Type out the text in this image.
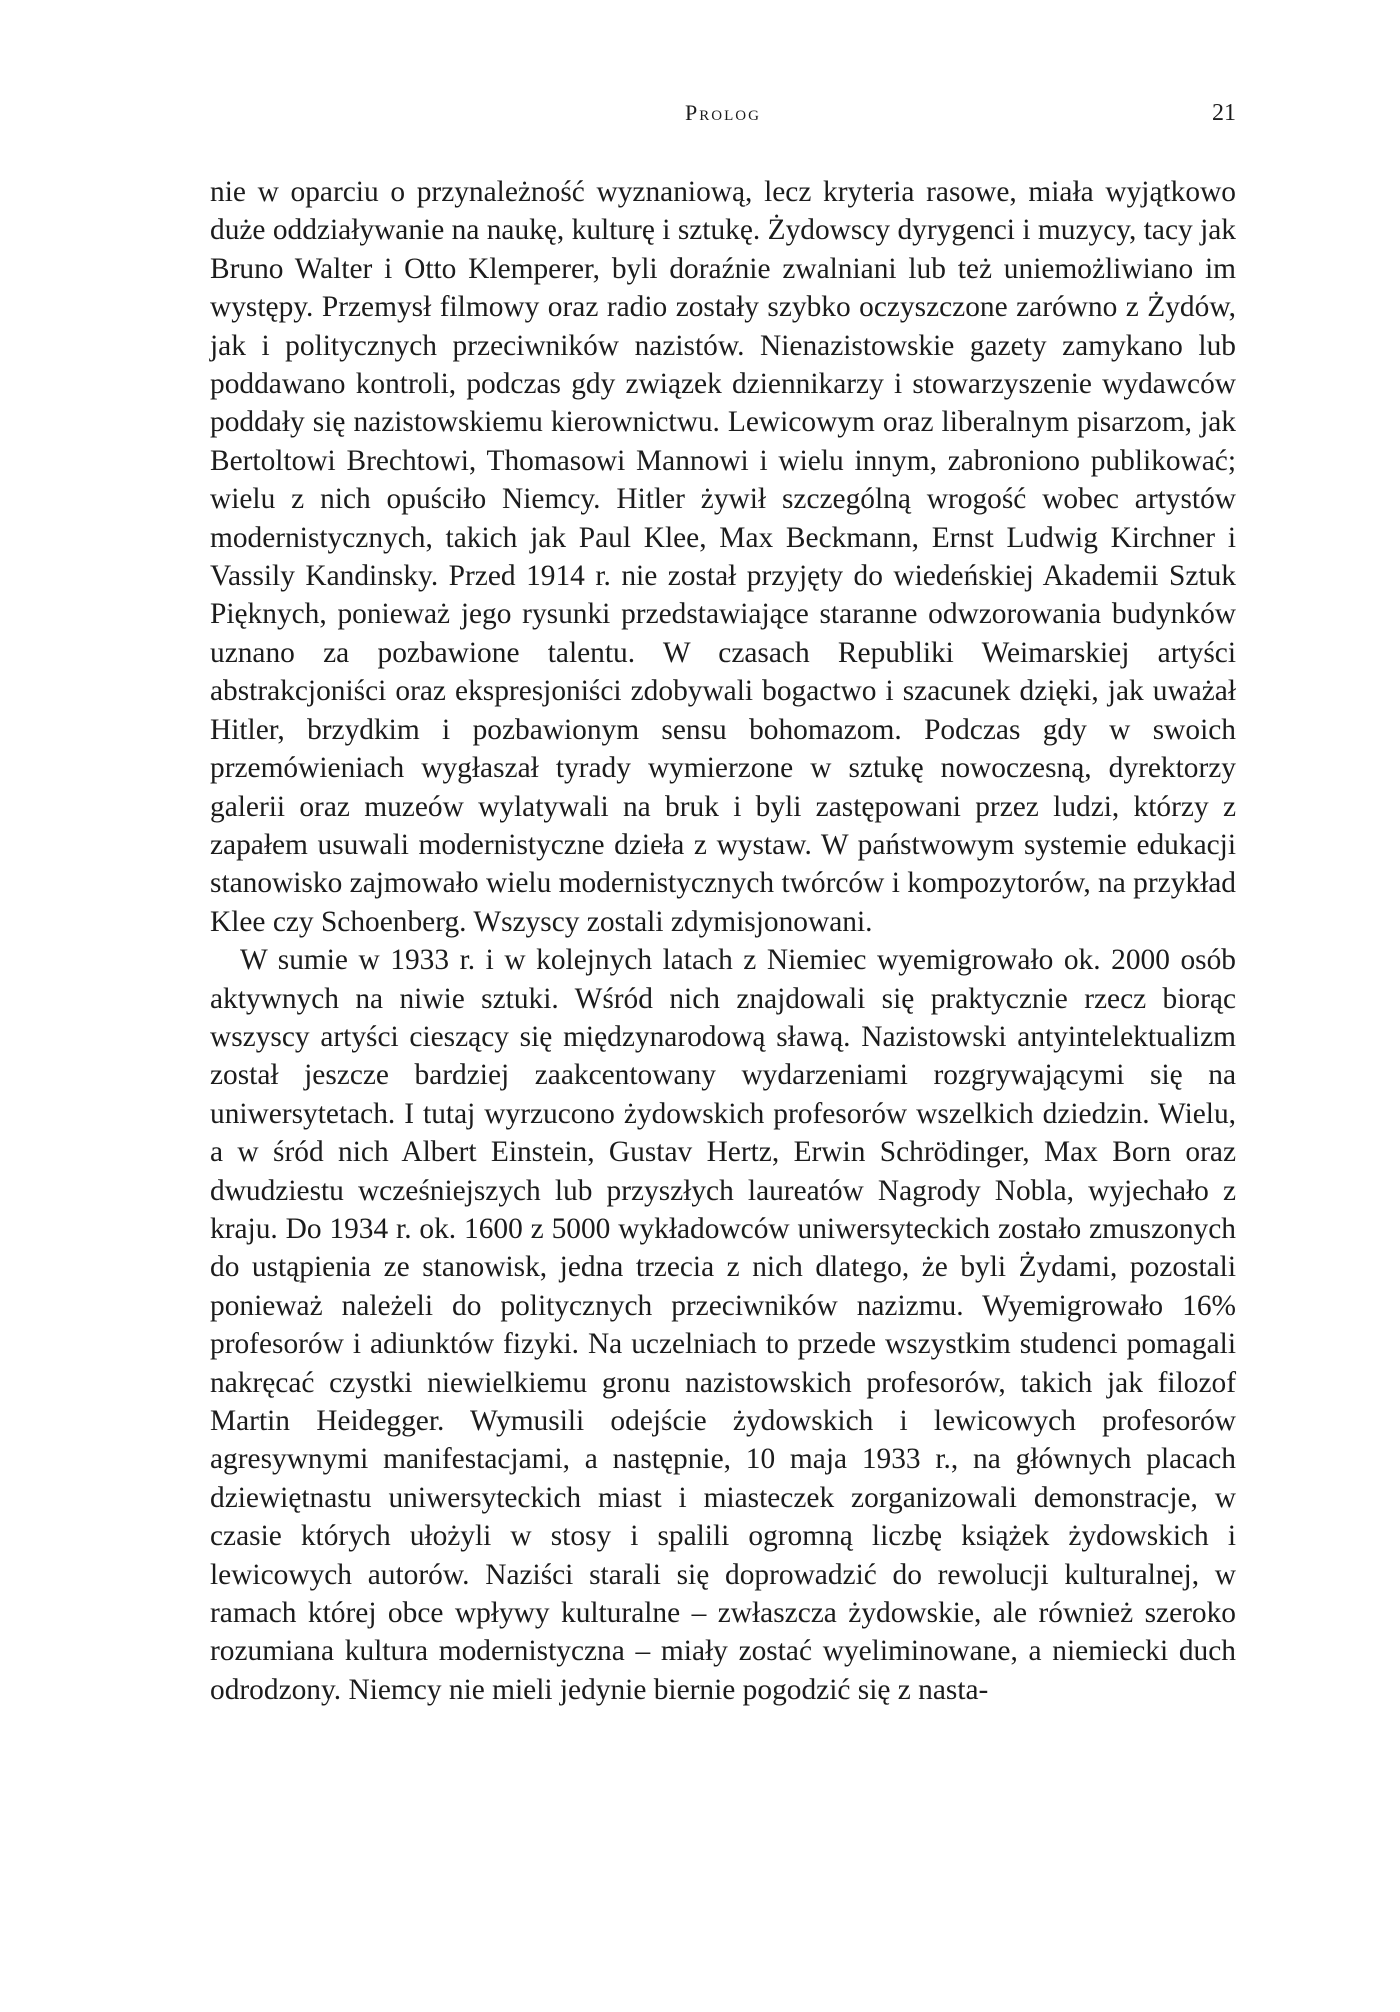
Prolog	21

nie w oparciu o przynależność wyznaniową, lecz kryteria rasowe, miała wyjątkowo duże oddziaływanie na naukę, kulturę i sztukę. Żydowscy dyrygenci i muzycy, tacy jak Bruno Walter i Otto Klemperer, byli doraźnie zwalniani lub też uniemożliwiano im występy. Przemysł filmowy oraz radio zostały szybko oczyszczone zarówno z Żydów, jak i politycznych przeciwników nazistów. Nienazistowskie gazety zamykano lub poddawano kontroli, podczas gdy związek dziennikarzy i stowarzyszenie wydawców poddały się nazistowskiemu kierownictwu. Lewicowym oraz liberalnym pisarzom, jak Bertoltowi Brechtowi, Thomasowi Mannowi i wielu innym, zabroniono publikować; wielu z nich opuściło Niemcy. Hitler żywił szczególną wrogość wobec artystów modernistycznych, takich jak Paul Klee, Max Beckmann, Ernst Ludwig Kirchner i Vassily Kandinsky. Przed 1914 r. nie został przyjęty do wiedeńskiej Akademii Sztuk Pięknych, ponieważ jego rysunki przedstawiające staranne odwzorowania budynków uznano za pozbawione talentu. W czasach Republiki Weimarskiej artyści abstrakcjoniści oraz ekspresjoniści zdobywali bogactwo i szacunek dzięki, jak uważał Hitler, brzydkim i pozbawionym sensu bohomazom. Podczas gdy w swoich przemówieniach wygłaszał tyrady wymierzone w sztukę nowoczesną, dyrektorzy galerii oraz muzeów wylatywali na bruk i byli zastępowani przez ludzi, którzy z zapałem usuwali modernistyczne dzieła z wystaw. W państwowym systemie edukacji stanowisko zajmowało wielu modernistycznych twórców i kompozytorów, na przykład Klee czy Schoenberg. Wszyscy zostali zdymisjonowani.

W sumie w 1933 r. i w kolejnych latach z Niemiec wyemigrowało ok. 2000 osób aktywnych na niwie sztuki. Wśród nich znajdowali się praktycznie rzecz biorąc wszyscy artyści cieszący się międzynarodową sławą. Nazistowski antyintelektualizm został jeszcze bardziej zaakcentowany wydarzeniami rozgrywającymi się na uniwersytetach. I tutaj wyrzucono żydowskich profesorów wszelkich dziedzin. Wielu, a w śród nich Albert Einstein, Gustav Hertz, Erwin Schrödinger, Max Born oraz dwudziestu wcześniejszych lub przyszłych laureatów Nagrody Nobla, wyjechało z kraju. Do 1934 r. ok. 1600 z 5000 wykładowców uniwersyteckich zostało zmuszonych do ustąpienia ze stanowisk, jedna trzecia z nich dlatego, że byli Żydami, pozostali ponieważ należeli do politycznych przeciwników nazizmu. Wyemigrowało 16% profesorów i adiunktów fizyki. Na uczelniach to przede wszystkim studenci pomagali nakręcać czystki niewielkiemu gronu nazistowskich profesorów, takich jak filozof Martin Heidegger. Wymusili odejście żydowskich i lewicowych profesorów agresywnymi manifestacjami, a następnie, 10 maja 1933 r., na głównych placach dziewiętnastu uniwersyteckich miast i miasteczek zorganizowali demonstracje, w czasie których ułożyli w stosy i spalili ogromną liczbę książek żydowskich i lewicowych autorów. Naziści starali się doprowadzić do rewolucji kulturalnej, w ramach której obce wpływy kulturalne – zwłaszcza żydowskie, ale również szeroko rozumiana kultura modernistyczna – miały zostać wyeliminowane, a niemiecki duch odrodzony. Niemcy nie mieli jedynie biernie pogodzić się z nasta-
